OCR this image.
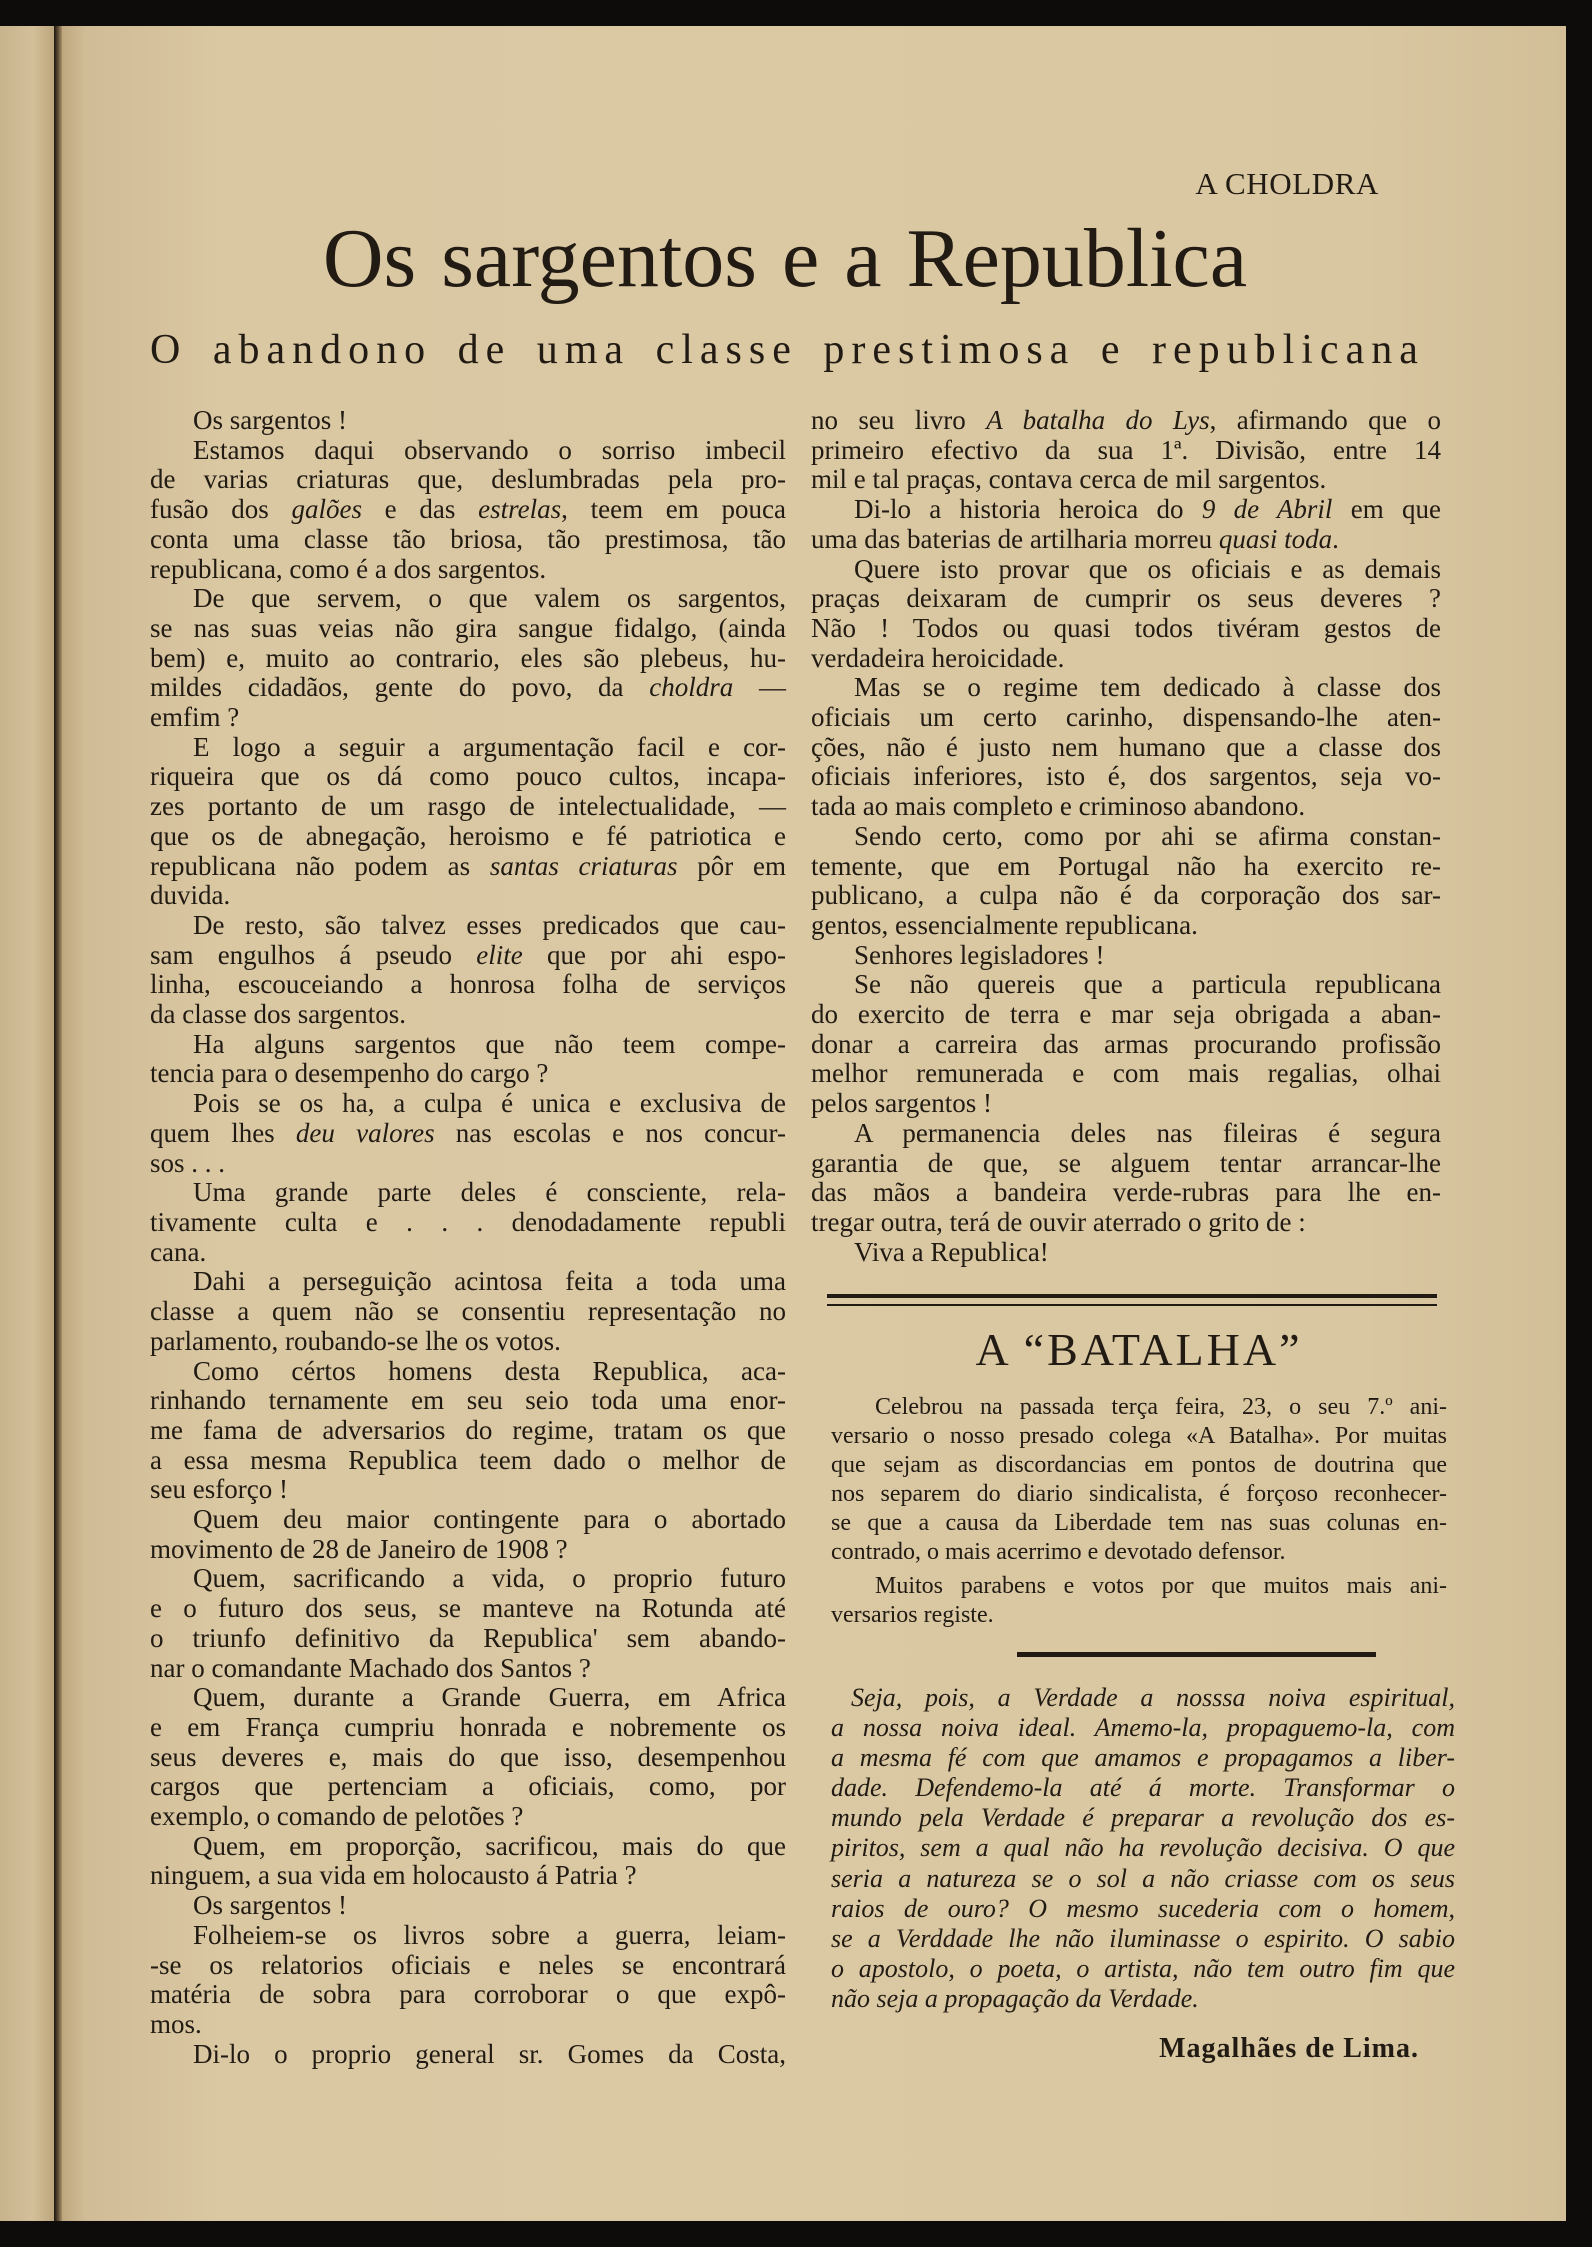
A CHOLDRA
Os sargentos e a Republica
O abandono de uma classe prestimosa e republicana
Os sargentos !
Estamos daqui observando o sorriso imbecil
de varias criaturas que, deslumbradas pela pro-
fusão dos galões e das estrelas, teem em pouca
conta uma classe tão briosa, tão prestimosa, tão
republicana, como é a dos sargentos.
De que servem, o que valem os sargentos,
se nas suas veias não gira sangue fidalgo, (ainda
bem) e, muito ao contrario, eles são plebeus, hu-
mildes cidadãos, gente do povo, da choldra —
emfim ?
E logo a seguir a argumentação facil e cor-
riqueira que os dá como pouco cultos, incapa-
zes portanto de um rasgo de intelectualidade, —
que os de abnegação, heroismo e fé patriotica e
republicana não podem as santas criaturas pôr em
duvida.
De resto, são talvez esses predicados que cau-
sam engulhos á pseudo elite que por ahi espo-
linha, escouceiando a honrosa folha de serviços
da classe dos sargentos.
Ha alguns sargentos que não teem compe-
tencia para o desempenho do cargo ?
Pois se os ha, a culpa é unica e exclusiva de
quem lhes deu valores nas escolas e nos concur-
sos . . .
Uma grande parte deles é consciente, rela-
tivamente culta e . . . denodadamente republi
cana.
Dahi a perseguição acintosa feita a toda uma
classe a quem não se consentiu representação no
parlamento, roubando-se lhe os votos.
Como cértos homens desta Republica, aca-
rinhando ternamente em seu seio toda uma enor-
me fama de adversarios do regime, tratam os que
a essa mesma Republica teem dado o melhor de
seu esforço !
Quem deu maior contingente para o abortado
movimento de 28 de Janeiro de 1908 ?
Quem, sacrificando a vida, o proprio futuro
e o futuro dos seus, se manteve na Rotunda até
o triunfo definitivo da Republica' sem abando-
nar o comandante Machado dos Santos ?
Quem, durante a Grande Guerra, em Africa
e em França cumpriu honrada e nobremente os
seus deveres e, mais do que isso, desempenhou
cargos que pertenciam a oficiais, como, por
exemplo, o comando de pelotões ?
Quem, em proporção, sacrificou, mais do que
ninguem, a sua vida em holocausto á Patria ?
Os sargentos !
Folheiem-se os livros sobre a guerra, leiam-
-se os relatorios oficiais e neles se encontrará
matéria de sobra para corroborar o que expô-
mos.
Di-lo o proprio general sr. Gomes da Costa,
no seu livro A batalha do Lys, afirmando que o
primeiro efectivo da sua 1ª. Divisão, entre 14
mil e tal praças, contava cerca de mil sargentos.
Di-lo a historia heroica do 9 de Abril em que
uma das baterias de artilharia morreu quasi toda.
Quere isto provar que os oficiais e as demais
praças deixaram de cumprir os seus deveres ?
Não ! Todos ou quasi todos tivéram gestos de
verdadeira heroicidade.
Mas se o regime tem dedicado à classe dos
oficiais um certo carinho, dispensando-lhe aten-
ções, não é justo nem humano que a classe dos
oficiais inferiores, isto é, dos sargentos, seja vo-
tada ao mais completo e criminoso abandono.
Sendo certo, como por ahi se afirma constan-
temente, que em Portugal não ha exercito re-
publicano, a culpa não é da corporação dos sar-
gentos, essencialmente republicana.
Senhores legisladores !
Se não quereis que a particula republicana
do exercito de terra e mar seja obrigada a aban-
donar a carreira das armas procurando profissão
melhor remunerada e com mais regalias, olhai
pelos sargentos !
A permanencia deles nas fileiras é segura
garantia de que, se alguem tentar arrancar-lhe
das mãos a bandeira verde-rubras para lhe en-
tregar outra, terá de ouvir aterrado o grito de :
Viva a Republica!
A “BATALHA”
Celebrou na passada terça feira, 23, o seu 7.º ani-
versario o nosso presado colega «A Batalha». Por muitas
que sejam as discordancias em pontos de doutrina que
nos separem do diario sindicalista, é forçoso reconhecer-
se que a causa da Liberdade tem nas suas colunas en-
contrado, o mais acerrimo e devotado defensor.
Muitos parabens e votos por que muitos mais ani-
versarios registe.
Seja, pois, a Verdade a nosssa noiva espiritual,
a nossa noiva ideal. Amemo-la, propaguemo-la, com
a mesma fé com que amamos e propagamos a liber-
dade. Defendemo-la até á morte. Transformar o
mundo pela Verdade é preparar a revolução dos es-
piritos, sem a qual não ha revolução decisiva. O que
seria a natureza se o sol a não criasse com os seus
raios de ouro? O mesmo sucederia com o homem,
se a Verddade lhe não iluminasse o espirito. O sabio
o apostolo, o poeta, o artista, não tem outro fim que
não seja a propagação da Verdade.
Magalhães de Lima.
